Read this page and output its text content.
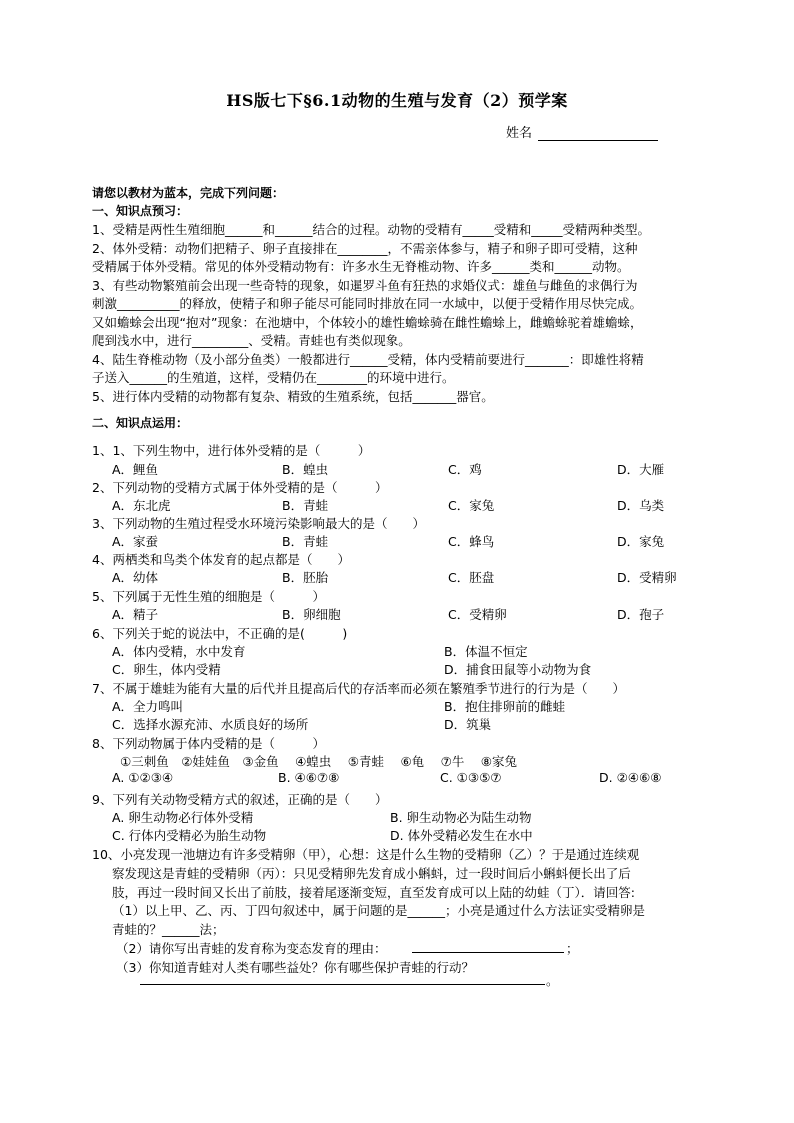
HS版七下§6.1动物的生殖与发育（2）预学案
姓名
请您以教材为蓝本，完成下列问题：
一、知识点预习：
1、受精是两性生殖细胞______和______结合的过程。动物的受精有_____受精和_____受精两种类型。
2、体外受精：动物们把精子、卵子直接排在________，不需亲体参与，精子和卵子即可受精，这种
受精属于体外受精。常见的体外受精动物有：许多水生无脊椎动物、许多______类和______动物。
3、有些动物繁殖前会出现一些奇特的现象，如暹罗斗鱼有狂热的求婚仪式：雄鱼与雌鱼的求偶行为
刺激__________的释放，使精子和卵子能尽可能同时排放在同一水域中，以便于受精作用尽快完成。
又如蟾蜍会出现“抱对”现象：在池塘中，个体较小的雄性蟾蜍骑在雌性蟾蜍上，雌蟾蜍驼着雄蟾蜍，
爬到浅水中，进行_________、受精。青蛙也有类似现象。
4、陆生脊椎动物（及小部分鱼类）一般都进行______受精，体内受精前要进行_______：即雄性将精
子送入______的生殖道，这样，受精仍在________的环境中进行。
5、进行体内受精的动物都有复杂、精致的生殖系统，包括_______器官。
二、知识点运用：
1、1、下列生物中，进行体外受精的是（　　　）
A．鲤鱼	B．蝗虫	C．鸡	D．大雁
2、下列动物的受精方式属于体外受精的是（　　　）
A．东北虎	B．青蛙	C．家兔	D．乌类
3、下列动物的生殖过程受水环境污染影响最大的是（　　）
A．家蚕	B．青蛙	C．蜂鸟	D．家兔
4、两栖类和鸟类个体发育的起点都是（　　）
A．幼体	B．胚胎	C．胚盘	D．受精卵
5、下列属于无性生殖的细胞是（　　　）
A．精子	B．卵细胞	C．受精卵	D．孢子
6、下列关于蛇的说法中，不正确的是(　　　)
A．体内受精，水中发育	B．体温不恒定
C．卵生，体内受精	D．捕食田鼠等小动物为食
7、不属于雄蛙为能有大量的后代并且提高后代的存活率而必须在繁殖季节进行的行为是（　　）
A．全力鸣叫	B．抱住排卵前的雌蛙
C．选择水源充沛、水质良好的场所	D．筑巢
8、下列动物属于体内受精的是（　　　）
①三刺鱼　②娃娃鱼　③金鱼　 ④蝗虫　 ⑤青蛙　 ⑥龟　 ⑦牛　 ⑧家兔
A. ①②③④	B. ④⑥⑦⑧	C. ①③⑤⑦	D. ②④⑥⑧
9、下列有关动物受精方式的叙述，正确的是（　　）
A. 卵生动物必行体外受精	B. 卵生动物必为陆生动物
C. 行体内受精必为胎生动物	D. 体外受精必发生在水中
10、小亮发现一池塘边有许多受精卵（甲），心想：这是什么生物的受精卵（乙）？于是通过连续观
察发现这是青蛙的受精卵（丙）：只见受精卵先发育成小蝌蚪，过一段时间后小蝌蚪便长出了后
肢，再过一段时间又长出了前肢，接着尾逐渐变短，直至发育成可以上陆的幼蛙（丁）．请回答:
（1）以上甲、乙、丙、丁四句叙述中，属于问题的是______；小亮是通过什么方法证实受精卵是
青蛙的？______法；
（2）请你写出青蛙的发育称为变态发育的理由：	；
（3）你知道青蛙对人类有哪些益处？你有哪些保护青蛙的行动？
。
